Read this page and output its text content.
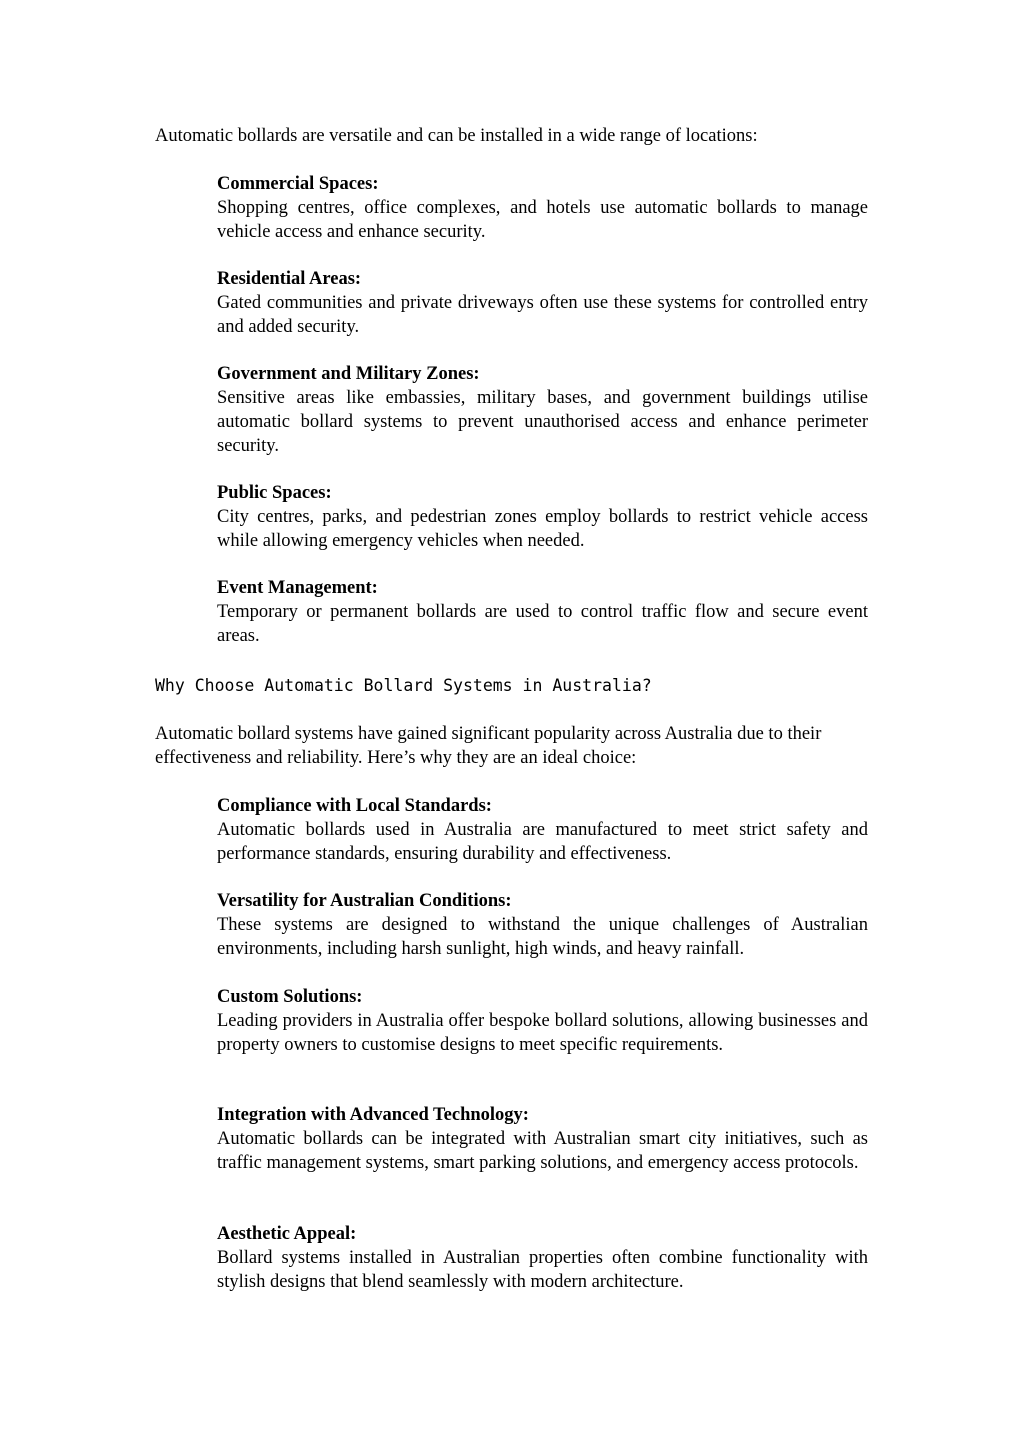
Automatic bollards are versatile and can be installed in a wide range of locations:

Commercial Spaces:
Shopping centres, office complexes, and hotels use automatic bollards to manage vehicle access and enhance security.
Residential Areas:
Gated communities and private driveways often use these systems for controlled entry and added security.
Government and Military Zones:
Sensitive areas like embassies, military bases, and government buildings utilise automatic bollard systems to prevent unauthorised access and enhance perimeter security.
Public Spaces:
City centres, parks, and pedestrian zones employ bollards to restrict vehicle access while allowing emergency vehicles when needed.
Event Management:
Temporary or permanent bollards are used to control traffic flow and secure event areas.
Why Choose Automatic Bollard Systems in Australia?

Automatic bollard systems have gained significant popularity across Australia due to their effectiveness and reliability. Here’s why they are an ideal choice:

Compliance with Local Standards:
Automatic bollards used in Australia are manufactured to meet strict safety and performance standards, ensuring durability and effectiveness.
Versatility for Australian Conditions:
These systems are designed to withstand the unique challenges of Australian environments, including harsh sunlight, high winds, and heavy rainfall.
Custom Solutions:
Leading providers in Australia offer bespoke bollard solutions, allowing businesses and property owners to customise designs to meet specific requirements.
Integration with Advanced Technology:
Automatic bollards can be integrated with Australian smart city initiatives, such as traffic management systems, smart parking solutions, and emergency access protocols.
Aesthetic Appeal:
Bollard systems installed in Australian properties often combine functionality with stylish designs that blend seamlessly with modern architecture.
